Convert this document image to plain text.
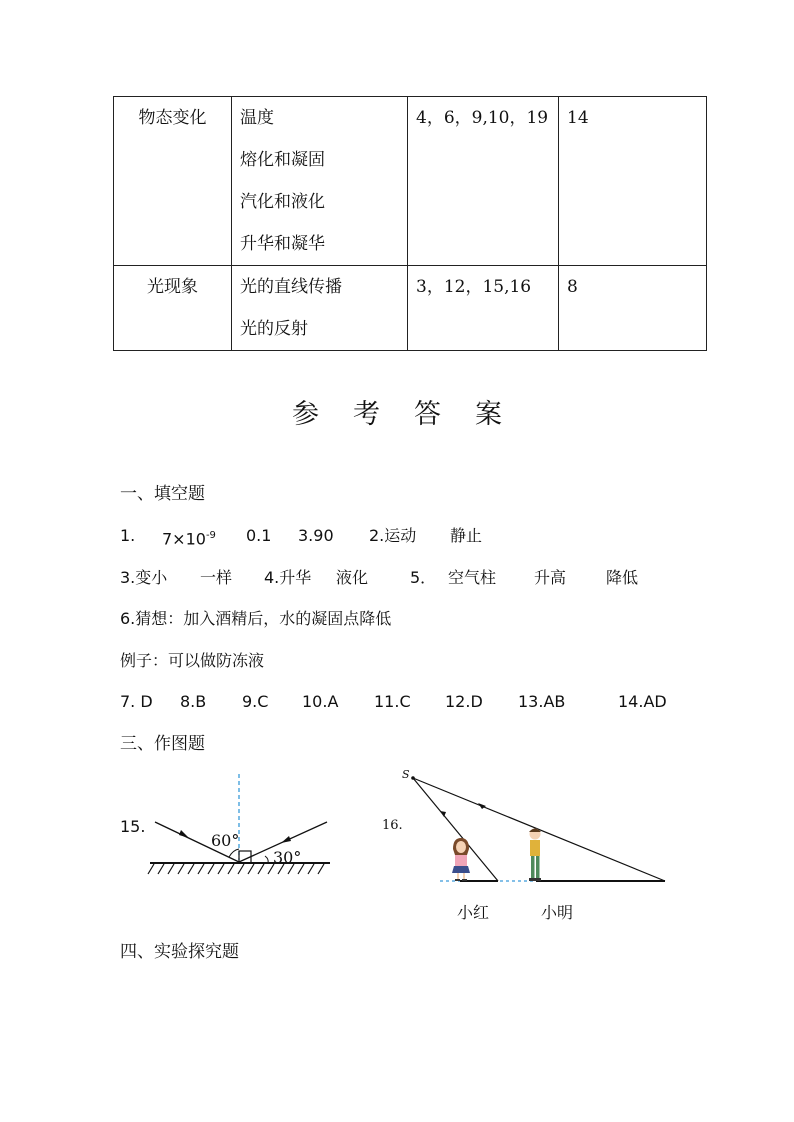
物态变化	温度
熔化和凝固
汽化和液化
升华和凝华	4，6，9,10，19	14

光现象	光的直线传播
光的反射	3，12，15,16	8
参 考 答 案
一、填空题
1. $7\times 10^{-9}$ 0.1 3.90 2.运动 静止
3.变小 一样 4.升华 液化	5． 空气柱 升高 降低
6.猜想：加入酒精后，水的凝固点降低
例子：可以做防冻液
7. D 8.B 9.C 10.A 11.C 12.D 13.AB	14.AD
三、作图题
15.
60°
30°
16.
S
小红	小明
四、实验探究题
